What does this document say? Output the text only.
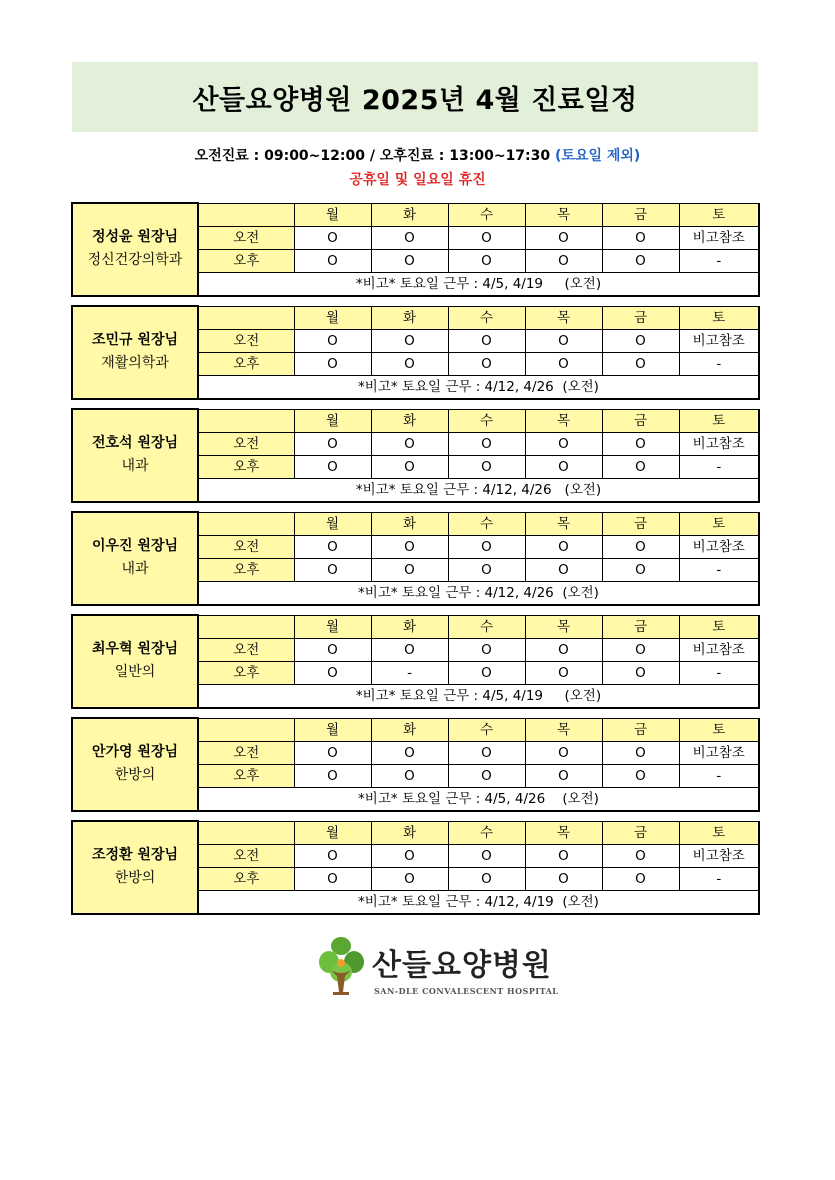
산들요양병원 2025년 4월 진료일정
오전진료 : 09:00~12:00 / 오후진료 : 13:00~17:30 (토요일 제외)
공휴일 및 일요일 휴진
정성윤 원장님
정신건강의학과		월	화	수	목	금	토
	오전	O	O	O	O	O	비고참조
	오후	O	O	O	O	O	-
	*비고* 토요일 근무 : 4/5, 4/19     (오전)						
조민규 원장님
재활의학과		월	화	수	목	금	토
	오전	O	O	O	O	O	비고참조
	오후	O	O	O	O	O	-
	*비고* 토요일 근무 : 4/12, 4/26  (오전)						
전호석 원장님
내과		월	화	수	목	금	토
	오전	O	O	O	O	O	비고참조
	오후	O	O	O	O	O	-
	*비고* 토요일 근무 : 4/12, 4/26   (오전)						
이우진 원장님
내과		월	화	수	목	금	토
	오전	O	O	O	O	O	비고참조
	오후	O	O	O	O	O	-
	*비고* 토요일 근무 : 4/12, 4/26  (오전)						
최우혁 원장님
일반의		월	화	수	목	금	토
	오전	O	O	O	O	O	비고참조
	오후	O	-	O	O	O	-
	*비고* 토요일 근무 : 4/5, 4/19     (오전)						
안가영 원장님
한방의		월	화	수	목	금	토
	오전	O	O	O	O	O	비고참조
	오후	O	O	O	O	O	-
	*비고* 토요일 근무 : 4/5, 4/26    (오전)						
조정환 원장님
한방의		월	화	수	목	금	토
	오전	O	O	O	O	O	비고참조
	오후	O	O	O	O	O	-
	*비고* 토요일 근무 : 4/12, 4/19  (오전)						
산들요양병원
SAN-DLE CONVALESCENT HOSPITAL
